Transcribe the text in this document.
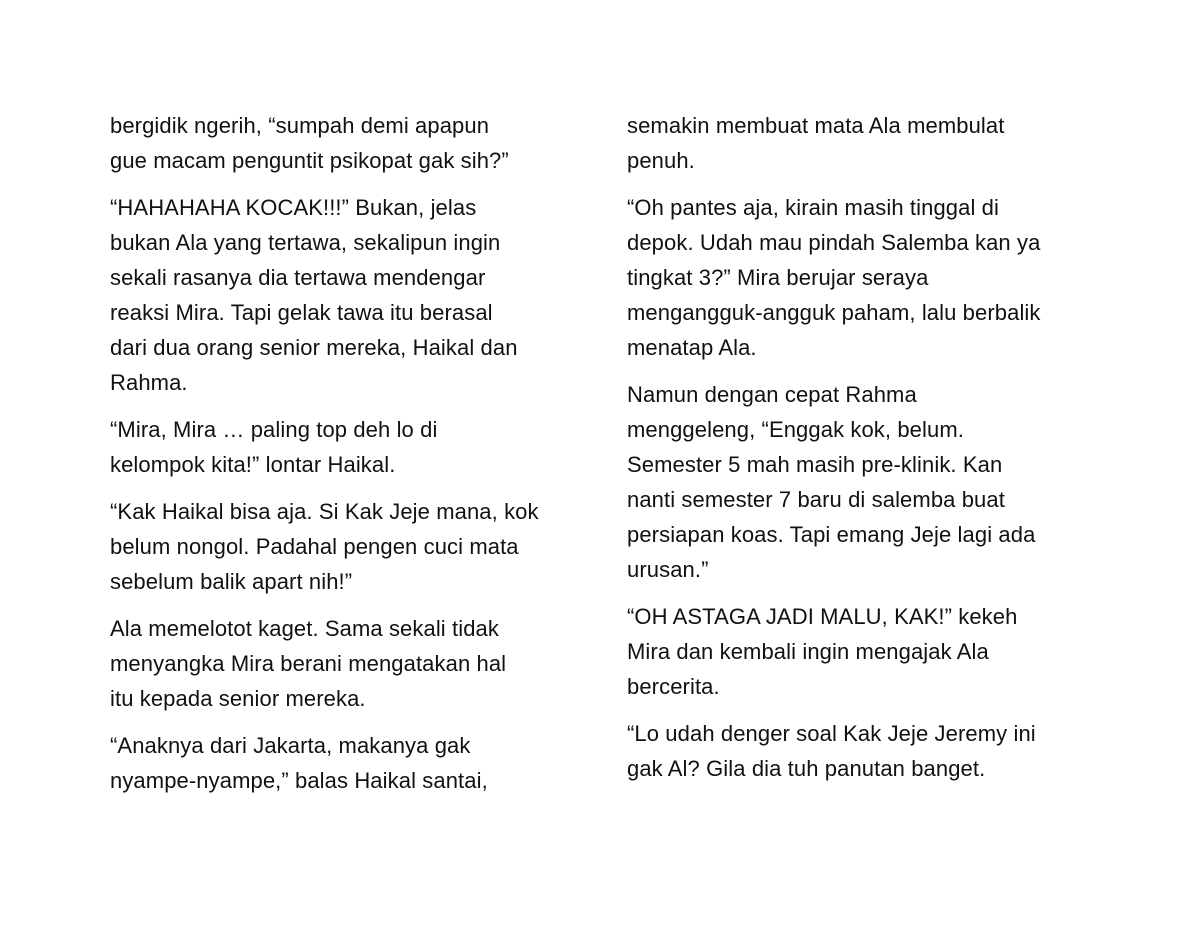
bergidik ngerih, “sumpah demi apapun
gue macam penguntit psikopat gak sih?”

“HAHAHAHA KOCAK!!!” Bukan, jelas
bukan Ala yang tertawa, sekalipun ingin
sekali rasanya dia tertawa mendengar
reaksi Mira. Tapi gelak tawa itu berasal
dari dua orang senior mereka, Haikal dan
Rahma.

“Mira, Mira … paling top deh lo di
kelompok kita!” lontar Haikal.

“Kak Haikal bisa aja. Si Kak Jeje mana, kok
belum nongol. Padahal pengen cuci mata
sebelum balik apart nih!”

Ala memelotot kaget. Sama sekali tidak
menyangka Mira berani mengatakan hal
itu kepada senior mereka.

“Anaknya dari Jakarta, makanya gak
nyampe-nyampe,” balas Haikal santai,

semakin membuat mata Ala membulat
penuh.

“Oh pantes aja, kirain masih tinggal di
depok. Udah mau pindah Salemba kan ya
tingkat 3?” Mira berujar seraya
mengangguk-angguk paham, lalu berbalik
menatap Ala.

Namun dengan cepat Rahma
menggeleng, “Enggak kok, belum.
Semester 5 mah masih pre-klinik. Kan
nanti semester 7 baru di salemba buat
persiapan koas. Tapi emang Jeje lagi ada
urusan.”

“OH ASTAGA JADI MALU, KAK!” kekeh
Mira dan kembali ingin mengajak Ala
bercerita.

“Lo udah denger soal Kak Jeje Jeremy ini
gak Al? Gila dia tuh panutan banget.
